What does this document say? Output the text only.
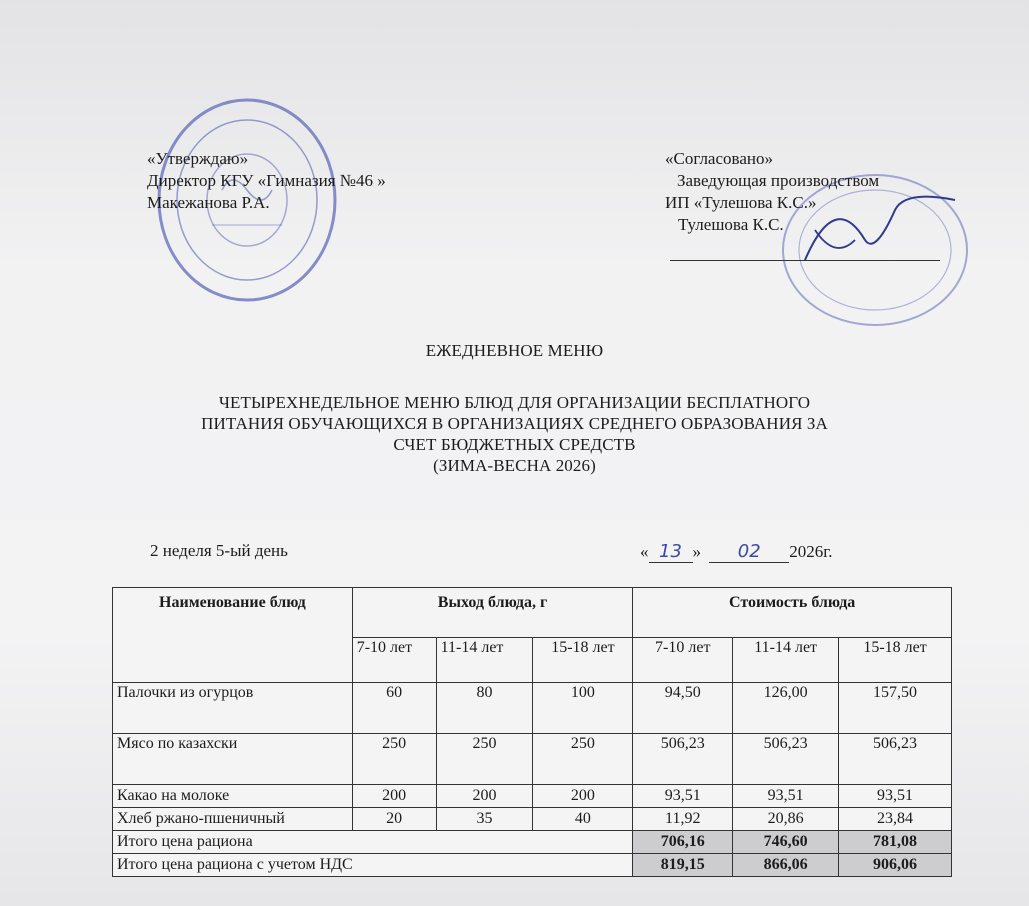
«Утверждаю»
Директор КГУ «Гимназия №46 »
Макежанова Р.А.
«Согласовано»
Заведующая производством
ИП «Тулешова К.С.»
Тулешова К.С.
ЕЖЕДНЕВНОЕ МЕНЮ
ЧЕТЫРЕХНЕДЕЛЬНОЕ МЕНЮ БЛЮД ДЛЯ ОРГАНИЗАЦИИ БЕСПЛАТНОГО
ПИТАНИЯ ОБУЧАЮЩИХСЯ В ОРГАНИЗАЦИЯХ СРЕДНЕГО ОБРАЗОВАНИЯ ЗА
СЧЕТ БЮДЖЕТНЫХ СРЕДСТВ
(ЗИМА-ВЕСНА 2026)
2 неделя 5-ый день	« 13 » 02 2026г.
Наименование блюд	Выход блюда, г			Стоимость блюда		
	7-10 лет	11-14 лет	15-18 лет	7-10 лет	11-14 лет	15-18 лет
Палочки из огурцов	60	80	100	94,50	126,00	157,50
Мясо по казахски	250	250	250	506,23	506,23	506,23
Какао на молоке	200	200	200	93,51	93,51	93,51
Хлеб ржано-пшеничный	20	35	40	11,92	20,86	23,84
Итого цена рациона				706,16	746,60	781,08
Итого цена рациона с учетом НДС				819,15	866,06	906,06
